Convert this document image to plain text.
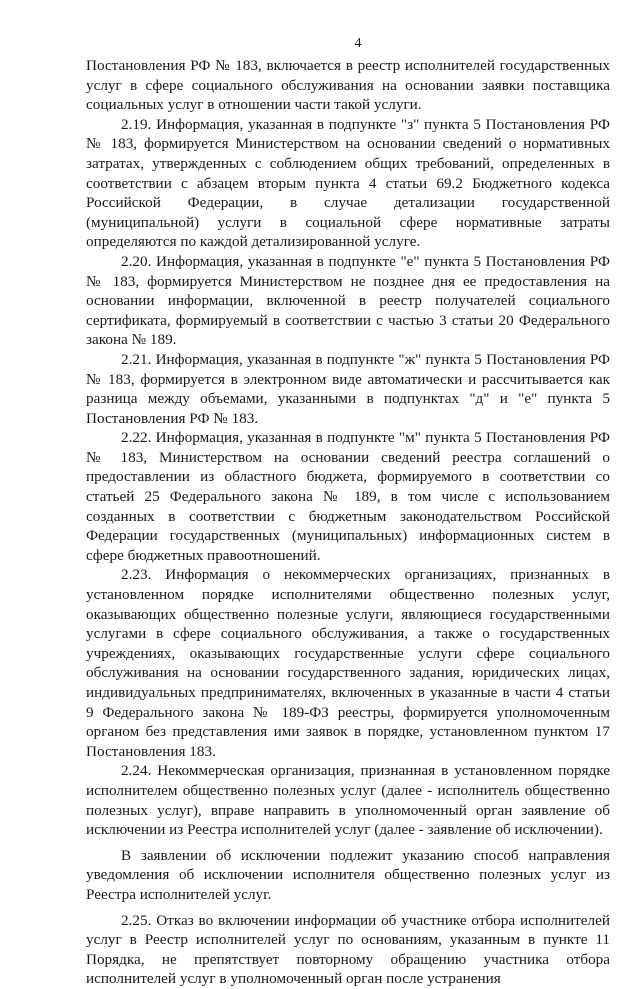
4

Постановления РФ № 183, включается в реестр исполнителей государственных услуг в сфере социального обслуживания на основании заявки поставщика социальных услуг в отношении части такой услуги.

2.19. Информация, указанная в подпункте "з" пункта 5 Постановления РФ № 183, формируется Министерством на основании сведений о нормативных затратах, утвержденных с соблюдением общих требований, определенных в соответствии с абзацем вторым пункта 4 статьи 69.2 Бюджетного кодекса Российской Федерации, в случае детализации государственной (муниципальной) услуги в социальной сфере нормативные затраты определяются по каждой детализированной услуге.

2.20. Информация, указанная в подпункте "е" пункта 5 Постановления РФ № 183, формируется Министерством не позднее дня ее предоставления на основании информации, включенной в реестр получателей социального сертификата, формируемый в соответствии с частью 3 статьи 20 Федерального закона № 189.

2.21. Информация, указанная в подпункте "ж" пункта 5 Постановления РФ № 183, формируется в электронном виде автоматически и рассчитывается как разница между объемами, указанными в подпунктах "д" и "е" пункта 5 Постановления РФ № 183.

2.22. Информация, указанная в подпункте "м" пункта 5 Постановления РФ № 183, Министерством на основании сведений реестра соглашений о предоставлении из областного бюджета, формируемого в соответствии со статьей 25 Федерального закона № 189, в том числе с использованием созданных в соответствии с бюджетным законодательством Российской Федерации государственных (муниципальных) информационных систем в сфере бюджетных правоотношений.

2.23. Информация о некоммерческих организациях, признанных в установленном порядке исполнителями общественно полезных услуг, оказывающих общественно полезные услуги, являющиеся государственными услугами в сфере социального обслуживания, а также о государственных учреждениях, оказывающих государственные услуги сфере социального обслуживания на основании государственного задания, юридических лицах, индивидуальных предпринимателях, включенных в указанные в части 4 статьи 9 Федерального закона № 189-ФЗ реестры, формируется уполномоченным органом без представления ими заявок в порядке, установленном пунктом 17 Постановления 183.

2.24. Некоммерческая организация, признанная в установленном порядке исполнителем общественно полезных услуг (далее - исполнитель общественно полезных услуг), вправе направить в уполномоченный орган заявление об исключении из Реестра исполнителей услуг (далее - заявление об исключении).

В заявлении об исключении подлежит указанию способ направления уведомления об исключении исполнителя общественно полезных услуг из Реестра исполнителей услуг.

2.25. Отказ во включении информации об участнике отбора исполнителей услуг в Реестр исполнителей услуг по основаниям, указанным в пункте 11 Порядка, не препятствует повторному обращению участника отбора исполнителей услуг в уполномоченный орган после устранения
